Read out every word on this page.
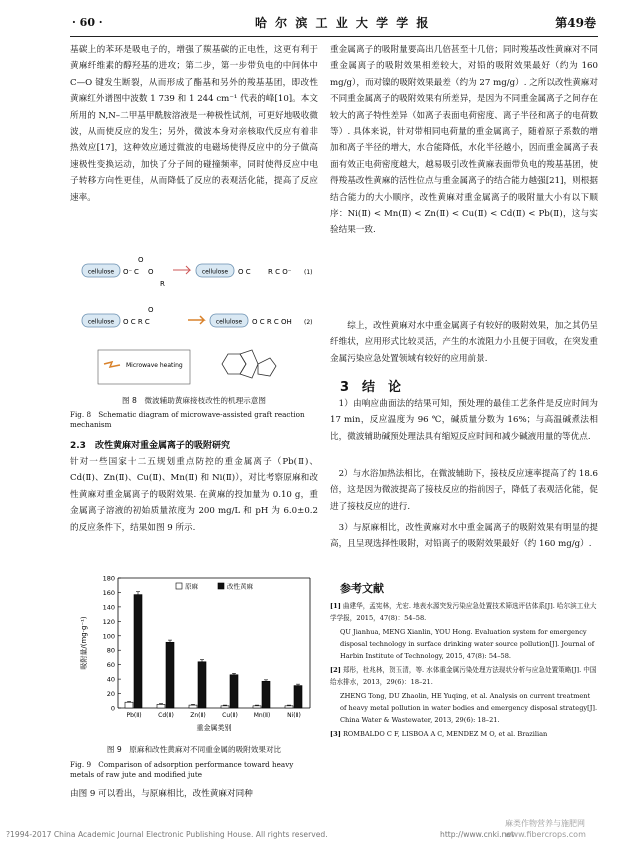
· 60 ·	哈 尔 滨 工 业 大 学 学 报	第49卷

基碳上的苯环是吸电子的，增强了羰基碳的正电性，这更有利于黄麻纤维素的醇羟基的进攻；第二步，第一步带负电的中间体中 C—O 键发生断裂，从而形成了酯基和另外的羧基基团，即改性黄麻红外谱图中波数 1 739 和 1 244 cm⁻¹ 代表的峰[10]。本文所用的 N,N–二甲基甲酰胺溶液是一种极性试剂，可更好地吸收微波，从而使反应的发生；另外，微波本身对亲核取代反应有着非热效应[17]，这种效应通过微波的电磁场使得反应中的分子做高速极性变换运动，加快了分子间的碰撞频率，同时使得反应中电子转移方向性更佳，从而降低了反应的表观活化能，提高了反应速率。

cellulose O⁻
O
C O
R
cellulose O C R C O⁻ (1)
cellulose O C R C
O
cellulose O C R C OH (2)
Microwave heating
图 8　微波辅助黄麻接枝改性的机理示意图
Fig. 8　Schematic diagram of microwave-assisted graft reaction mechanism
2.3　改性黄麻对重金属离子的吸附研究

针对一些国家十二五规划重点防控的重金属离子（Pb(Ⅱ)、Cd(Ⅱ)、Zn(Ⅱ)、Cu(Ⅱ)、Mn(Ⅱ) 和 Ni(Ⅱ)），对比考察原麻和改性黄麻对重金属离子的吸附效果. 在黄麻的投加量为 0.10 g，重金属离子溶液的初始质量浓度为 200 mg/L 和 pH 为 6.0±0.2 的反应条件下，结果如图 9 所示.

0
20
40
60
80
100
120
140
160
180
吸附量/(mg·g⁻¹)
Pb(Ⅱ)	Cd(Ⅱ)	Zn(Ⅱ)	Cu(Ⅱ)	Mn(Ⅱ)	Ni(Ⅱ)
重金属类别
原麻	改性黄麻
图 9　原麻和改性黄麻对不同重金属的吸附效果对比
Fig. 9　Comparison of adsorption performance toward heavy metals of raw jute and modified jute

由图 9 可以看出，与原麻相比，改性黄麻对同种

重金属离子的吸附量要高出几倍甚至十几倍；同时羧基改性黄麻对不同重金属离子的吸附效果相差较大，对铅的吸附效果最好（约为 160 mg/g），而对镍的吸附效果最差（约为 27 mg/g）. 之所以改性黄麻对不同重金属离子的吸附效果有所差异，是因为不同重金属离子之间存在较大的离子特性差异（如离子表面电荷密度、离子半径和离子的电荷数等）. 具体来说，针对带相同电荷量的重金属离子，随着原子系数的增加和离子半径的增大，水合能降低，水化半径越小，因而重金属离子表面有效正电荷密度越大，越易吸引改性黄麻表面带负电的羧基基团，使得羧基改性黄麻的活性位点与重金属离子的结合能力越强[21]，则根据结合能力的大小顺序，改性黄麻对重金属离子的吸附量大小有以下顺序：Ni(Ⅱ) < Mn(Ⅱ) < Zn(Ⅱ) < Cu(Ⅱ) < Cd(Ⅱ) < Pb(Ⅱ)，这与实验结果一致.

综上，改性黄麻对水中重金属离子有较好的吸附效果，加之其仍呈纤维状，应用形式比较灵活，产生的水流阻力小且便于回收，在突发重金属污染应急处置领域有较好的应用前景.

3　结　论

1）由响应曲面法的结果可知，预处理的最佳工艺条件是反应时间为 17 min，反应温度为 96 ℃，碱质量分数为 16%；与高温碱煮法相比，微波辅助碱预处理法具有缩短反应时间和减少碱液用量的等优点.

2）与水浴加热法相比，在微波辅助下，接枝反应速率提高了约 18.6 倍，这是因为微波提高了接枝反应的指前因子，降低了表观活化能，促进了接枝反应的进行.

3）与原麻相比，改性黄麻对水中重金属离子的吸附效果有明显的提高，且呈现选择性吸附，对铅离子的吸附效果最好（约 160 mg/g）.

参考文献
[1] 曲建华，孟宪林，尤宏. 地表水源突发污染应急处置技术筛选评估体系[J]. 哈尔滨工业大学学报，2015，47(8)：54–58.
QU Jianhua, MENG Xianlin, YOU Hong. Evaluation system for emergency disposal technology in surface drinking water source pollution[J]. Journal of Harbin Institute of Technology, 2015, 47(8): 54–58.
[2] 郑彤，杜兆林，贺玉清，等. 水体重金属污染处理方法现状分析与应急处置策略[J]. 中国给水排水，2013，29(6)：18–21.
ZHENG Tong, DU Zhaolin, HE Yuqing, et al. Analysis on current treatment of heavy metal pollution in water bodies and emergency disposal strategy[J]. China Water & Wastewater, 2013, 29(6): 18–21.
[3] ROMBALDO C F, LISBOA A C, MENDEZ M O, et al. Brazilian
?1994-2017 China Academic Journal Electronic Publishing House. All rights reserved.	http://www.cnki.net
麻类作物营养与施肥网 www.fibercrops.com
